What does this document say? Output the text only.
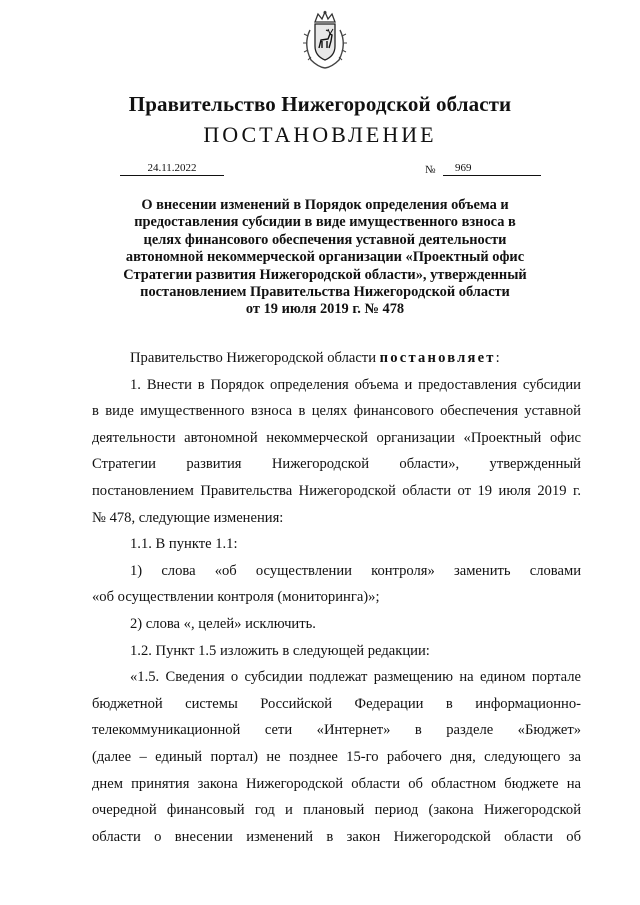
Правительство Нижегородской области
ПОСТАНОВЛЕНИЕ
24.11.2022	№	969
О внесении изменений в Порядок определения объема и
предоставления субсидии в виде имущественного взноса в
целях финансового обеспечения уставной деятельности
автономной некоммерческой организации «Проектный офис
Стратегии развития Нижегородской области», утвержденный
постановлением Правительства Нижегородской области
от 19 июля 2019 г. № 478

Правительство Нижегородской области постановляет:

1. Внести в Порядок определения объема и предоставления субсидии

в виде имущественного взноса в целях финансового обеспечения уставной

деятельности автономной некоммерческой организации «Проектный офис

Стратегии развития Нижегородской области», утвержденный

постановлением Правительства Нижегородской области от 19 июля 2019 г.

№ 478, следующие изменения:

1.1. В пункте 1.1:

1) слова «об осуществлении контроля» заменить словами

«об осуществлении контроля (мониторинга)»;

2) слова «, целей» исключить.

1.2. Пункт 1.5 изложить в следующей редакции:

«1.5. Сведения о субсидии подлежат размещению на едином портале

бюджетной системы Российской Федерации в информационно-

телекоммуникационной сети «Интернет» в разделе «Бюджет»

(далее – единый портал) не позднее 15-го рабочего дня, следующего за

днем принятия закона Нижегородской области об областном бюджете на

очередной финансовый год и плановый период (закона Нижегородской

области о внесении изменений в закон Нижегородской области об
